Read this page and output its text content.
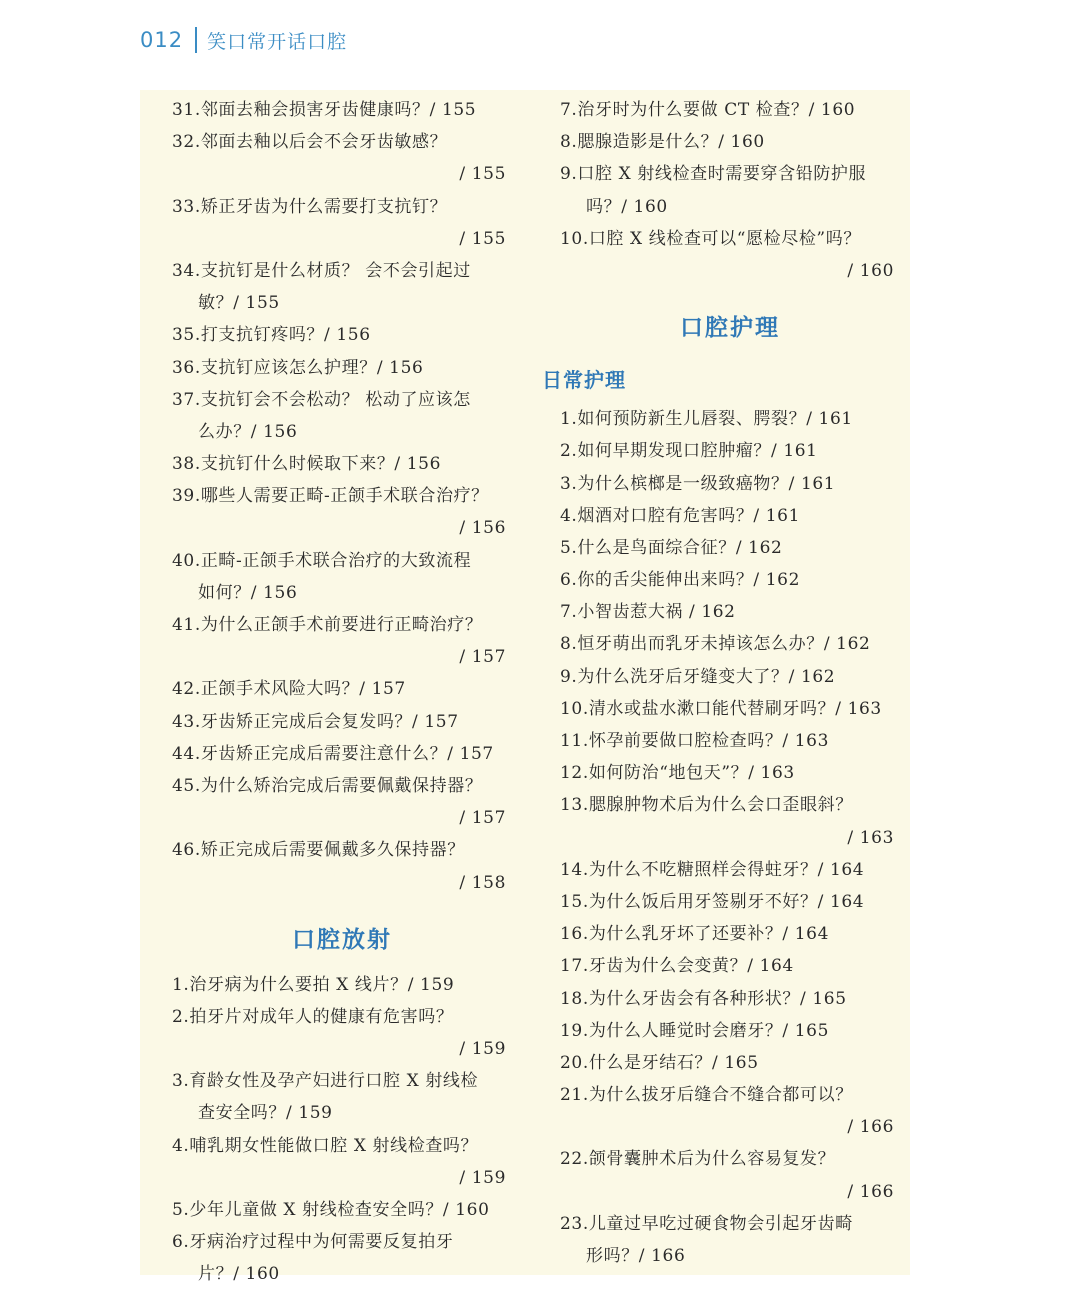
012 笑口常开话口腔
31.邻面去釉会损害牙齿健康吗？/ 155
32.邻面去釉以后会不会牙齿敏感？
/ 155
33.矫正牙齿为什么需要打支抗钉？
/ 155
34.支抗钉是什么材质？ 会不会引起过
敏？/ 155
35.打支抗钉疼吗？/ 156
36.支抗钉应该怎么护理？/ 156
37.支抗钉会不会松动？ 松动了应该怎
么办？/ 156
38.支抗钉什么时候取下来？/ 156
39.哪些人需要正畸-正颌手术联合治疗？
/ 156
40.正畸-正颌手术联合治疗的大致流程
如何？/ 156
41.为什么正颌手术前要进行正畸治疗？
/ 157
42.正颌手术风险大吗？/ 157
43.牙齿矫正完成后会复发吗？/ 157
44.牙齿矫正完成后需要注意什么？/ 157
45.为什么矫治完成后需要佩戴保持器？
/ 157
46.矫正完成后需要佩戴多久保持器？
/ 158
口腔放射
1.治牙病为什么要拍 X 线片？/ 159
2.拍牙片对成年人的健康有危害吗？
/ 159
3.育龄女性及孕产妇进行口腔 X 射线检
查安全吗？/ 159
4.哺乳期女性能做口腔 X 射线检查吗？
/ 159
5.少年儿童做 X 射线检查安全吗？/ 160
6.牙病治疗过程中为何需要反复拍牙
片？/ 160
7.治牙时为什么要做 CT 检查？/ 160
8.腮腺造影是什么？/ 160
9.口腔 X 射线检查时需要穿含铅防护服
吗？/ 160
10.口腔 X 线检查可以“愿检尽检”吗？
/ 160
口腔护理
日常护理
1.如何预防新生儿唇裂、腭裂？/ 161
2.如何早期发现口腔肿瘤？/ 161
3.为什么槟榔是一级致癌物？/ 161
4.烟酒对口腔有危害吗？/ 161
5.什么是鸟面综合征？/ 162
6.你的舌尖能伸出来吗？/ 162
7.小智齿惹大祸 / 162
8.恒牙萌出而乳牙未掉该怎么办？/ 162
9.为什么洗牙后牙缝变大了？/ 162
10.清水或盐水漱口能代替刷牙吗？/ 163
11.怀孕前要做口腔检查吗？/ 163
12.如何防治“地包天”？/ 163
13.腮腺肿物术后为什么会口歪眼斜？
/ 163
14.为什么不吃糖照样会得蛀牙？/ 164
15.为什么饭后用牙签剔牙不好？/ 164
16.为什么乳牙坏了还要补？/ 164
17.牙齿为什么会变黄？/ 164
18.为什么牙齿会有各种形状？/ 165
19.为什么人睡觉时会磨牙？/ 165
20.什么是牙结石？/ 165
21.为什么拔牙后缝合不缝合都可以？
/ 166
22.颌骨囊肿术后为什么容易复发？
/ 166
23.儿童过早吃过硬食物会引起牙齿畸
形吗？/ 166
